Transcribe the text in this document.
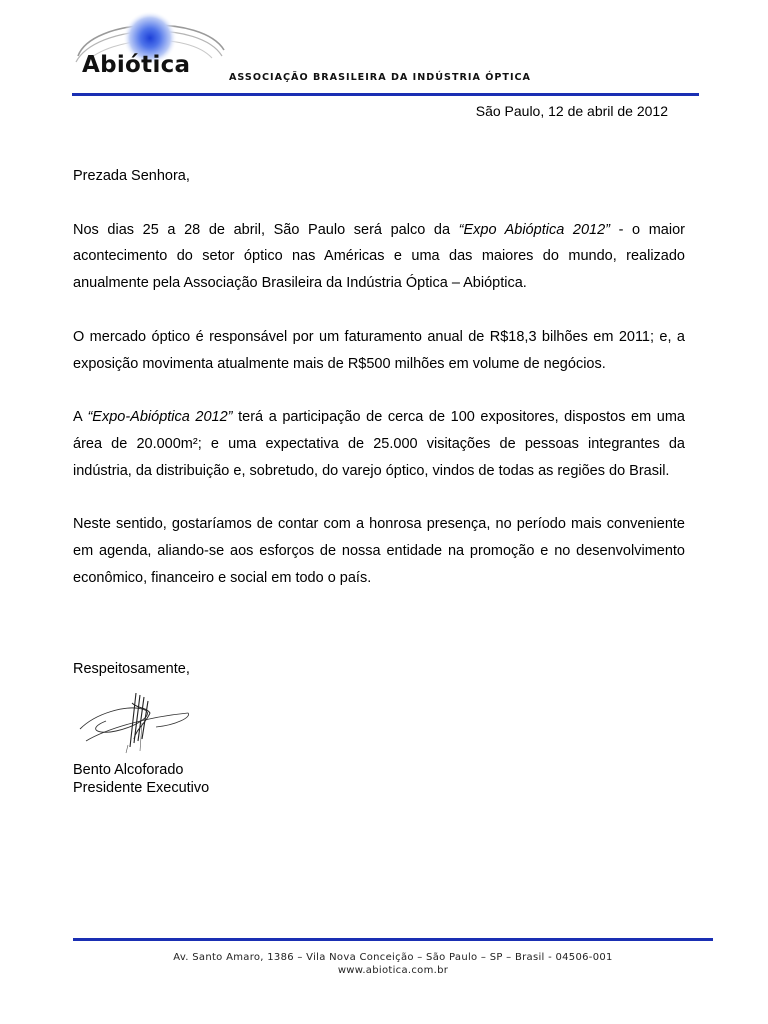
Abiótica	ASSOCIAÇÃO BRASILEIRA DA INDÚSTRIA ÓPTICA
São Paulo, 12 de abril de 2012

Prezada Senhora,

Nos dias 25 a 28 de abril, São Paulo será palco da “Expo Abióptica 2012” - o maior acontecimento do setor óptico nas Américas e uma das maiores do mundo, realizado anualmente pela Associação Brasileira da Indústria Óptica – Abióptica.

O mercado óptico é responsável por um faturamento anual de R$18,3 bilhões em 2011; e, a exposição movimenta atualmente mais de R$500 milhões em volume de negócios.

A “Expo-Abióptica 2012” terá a participação de cerca de 100 expositores, dispostos em uma área de 20.000m²; e uma expectativa de 25.000 visitações de pessoas integrantes da indústria, da distribuição e, sobretudo, do varejo óptico, vindos de todas as regiões do Brasil.

Neste sentido, gostaríamos de contar com a honrosa presença, no período mais conveniente em agenda, aliando-se aos esforços de nossa entidade na promoção e no desenvolvimento econômico, financeiro e social em todo o país.

Respeitosamente,
Bento Alcoforado
Presidente Executivo
Av. Santo Amaro, 1386 – Vila Nova Conceição – São Paulo – SP – Brasil - 04506-001
www.abiotica.com.br
